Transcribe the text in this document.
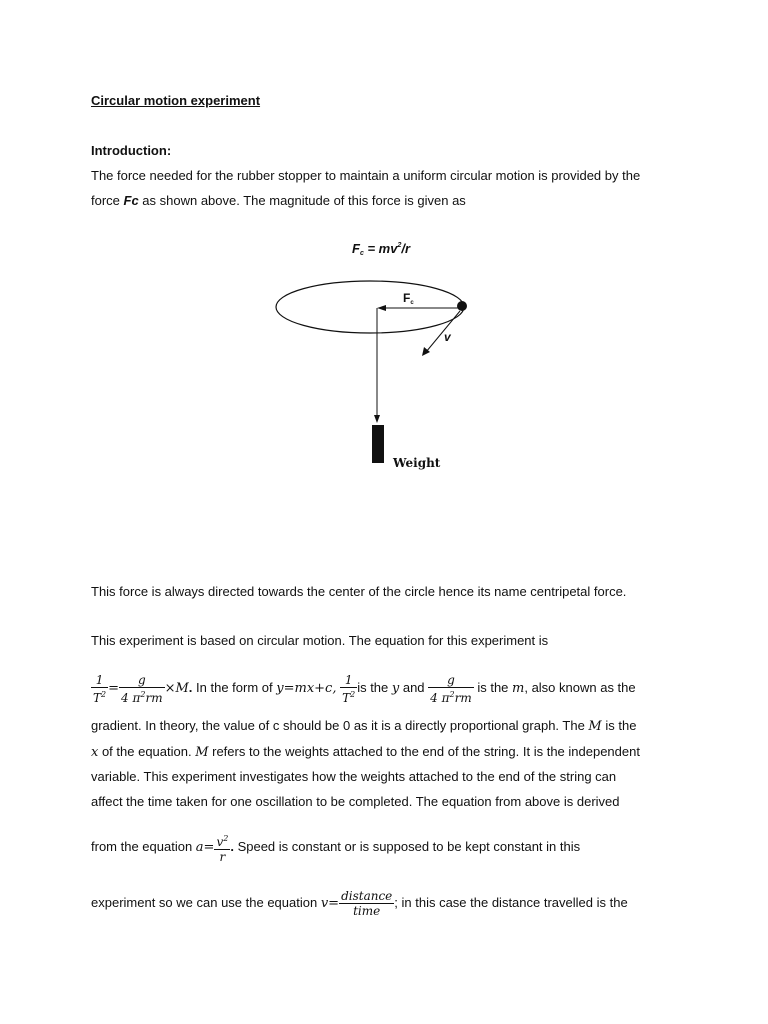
Circular motion experiment
Introduction:
The force needed for the rubber stopper to maintain a uniform circular motion is provided by the
force Fc as shown above. The magnitude of this force is given as
$Fc = mv^2/r$
Fc
v
Weight
This force is always directed towards the center of the circle hence its name centripetal force.
This experiment is based on circular motion. The equation for this experiment is
$\frac{1}{T^2} = \frac{g}{4 \pi^2rm} \times M$. In the form of y=mx+c, $\frac{1}{T^2}$ is the y and $\frac{g}{4 \pi^2rm}$ is the m, also known as the
gradient. In theory, the value of c should be 0 as it is a directly proportional graph. The M is the
x of the equation. M refers to the weights attached to the end of the string. It is the independent
variable. This experiment investigates how the weights attached to the end of the string can
affect the time taken for one oscillation to be completed. The equation from above is derived
from the equation $a= \frac{v^2}{r}$ . Speed is constant or is supposed to be kept constant in this
experiment so we can use the equation $v= \frac{\text{distance}}{\text{time}}$ ; in this case the distance travelled is the
